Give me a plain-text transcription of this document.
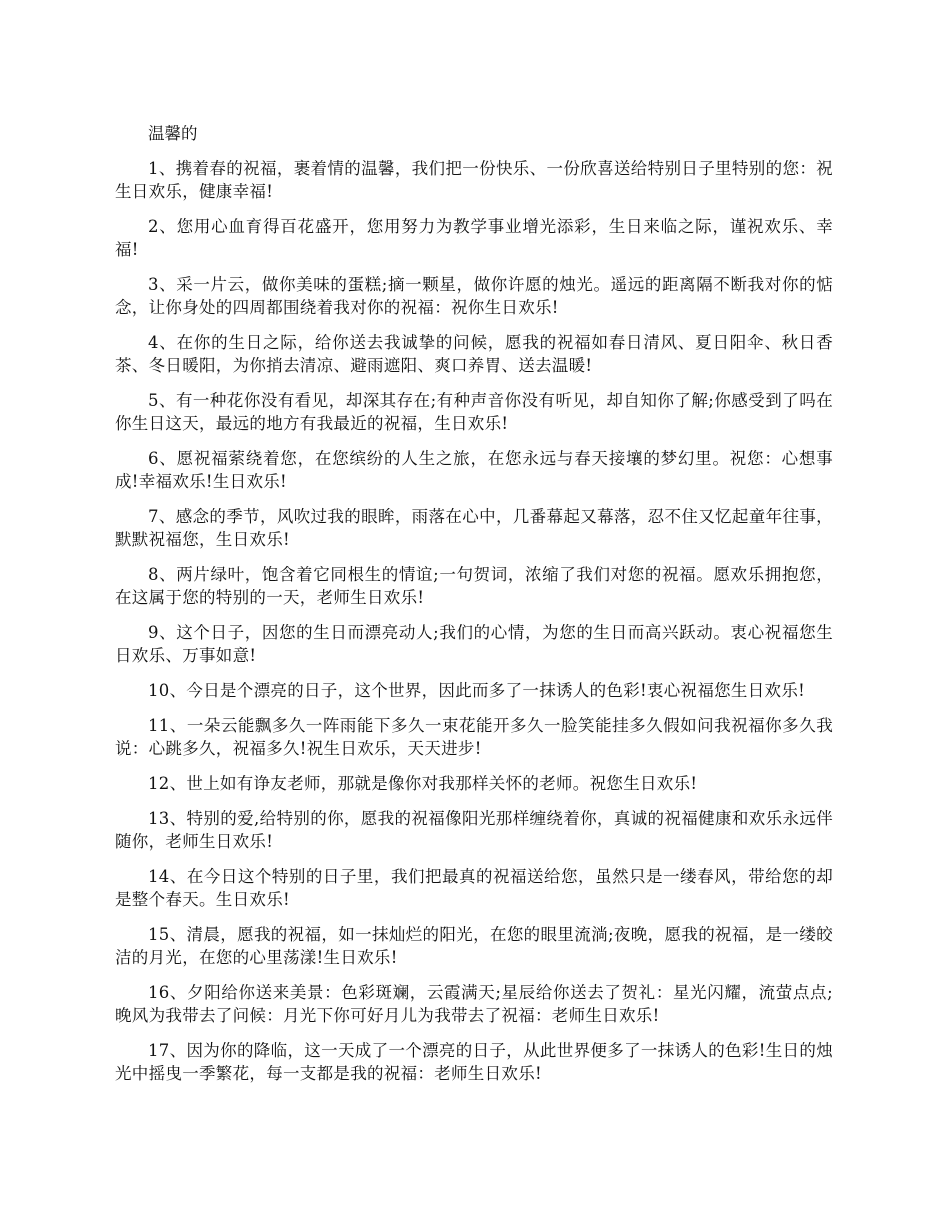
温馨的

1、携着春的祝福，裹着情的温馨，我们把一份快乐、一份欣喜送给特别日子里特别的您：祝生日欢乐，健康幸福!

2、您用心血育得百花盛开，您用努力为教学事业增光添彩，生日来临之际，谨祝欢乐、幸福!

3、采一片云，做你美味的蛋糕;摘一颗星，做你许愿的烛光。遥远的距离隔不断我对你的惦念，让你身处的四周都围绕着我对你的祝福：祝你生日欢乐!

4、在你的生日之际，给你送去我诚挚的问候，愿我的祝福如春日清风、夏日阳伞、秋日香茶、冬日暖阳，为你捎去清凉、避雨遮阳、爽口养胃、送去温暖!

5、有一种花你没有看见，却深其存在;有种声音你没有听见，却自知你了解;你感受到了吗在你生日这天，最远的地方有我最近的祝福，生日欢乐!

6、愿祝福萦绕着您，在您缤纷的人生之旅，在您永远与春天接壤的梦幻里。祝您：心想事成!幸福欢乐!生日欢乐!

7、感念的季节，风吹过我的眼眸，雨落在心中，几番幕起又幕落，忍不住又忆起童年往事，默默祝福您，生日欢乐!

8、两片绿叶，饱含着它同根生的情谊;一句贺词，浓缩了我们对您的祝福。愿欢乐拥抱您，在这属于您的特别的一天，老师生日欢乐!

9、这个日子，因您的生日而漂亮动人;我们的心情，为您的生日而高兴跃动。衷心祝福您生日欢乐、万事如意!

10、今日是个漂亮的日子，这个世界，因此而多了一抹诱人的色彩!衷心祝福您生日欢乐!

11、一朵云能飘多久一阵雨能下多久一束花能开多久一脸笑能挂多久假如问我祝福你多久我说：心跳多久，祝福多久!祝生日欢乐，天天进步!

12、世上如有诤友老师，那就是像你对我那样关怀的老师。祝您生日欢乐!

13、特别的爱,给特别的你，愿我的祝福像阳光那样缠绕着你，真诚的祝福健康和欢乐永远伴随你，老师生日欢乐!

14、在今日这个特别的日子里，我们把最真的祝福送给您，虽然只是一缕春风，带给您的却是整个春天。生日欢乐!

15、清晨，愿我的祝福，如一抹灿烂的阳光，在您的眼里流淌;夜晚，愿我的祝福，是一缕皎洁的月光，在您的心里荡漾!生日欢乐!

16、夕阳给你送来美景：色彩斑斓，云霞满天;星辰给你送去了贺礼：星光闪耀，流萤点点;晚风为我带去了问候：月光下你可好月儿为我带去了祝福：老师生日欢乐!

17、因为你的降临，这一天成了一个漂亮的日子，从此世界便多了一抹诱人的色彩!生日的烛光中摇曳一季繁花，每一支都是我的祝福：老师生日欢乐!
